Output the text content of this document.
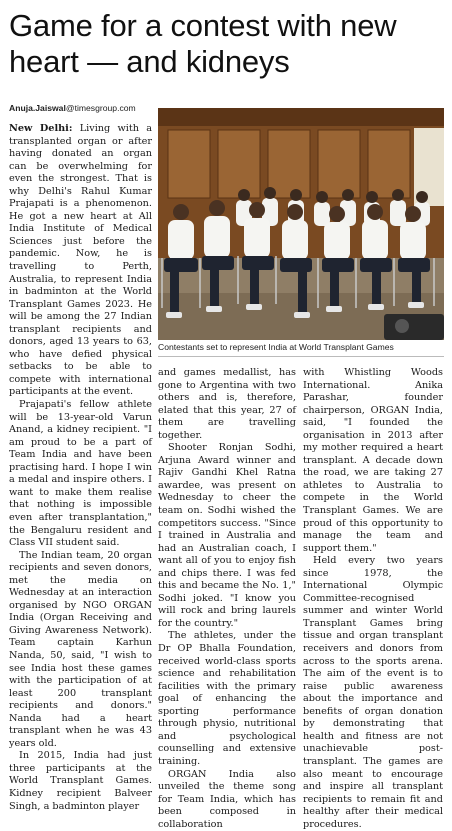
Game for a contest with new heart — and kidneys
Anuja.Jaiswal@timesgroup.com

New Delhi: Living with a transplanted organ or after having donated an organ can be overwhelming for even the strongest. That is why Delhi's Rahul Kumar Prajapati is a phenomenon. He got a new heart at All India Institute of Medical Sciences just before the pandemic. Now, he is travelling to Perth, Australia, to represent India in badminton at the World Transplant Games 2023. He will be among the 27 Indian transplant recipients and donors, aged 13 years to 63, who have defied physical setbacks to be able to compete with international participants at the event.

Prajapati's fellow athlete will be 13-year-old Varun Anand, a kidney recipient. "I am proud to be a part of Team India and have been practising hard. I hope I win a medal and inspire others. I want to make them realise that nothing is impossible even after transplantation," the Bengaluru resident and Class VII student said.

The Indian team, 20 organ recipients and seven donors, met the media on Wednesday at an interaction organised by NGO ORGAN India (Organ Receiving and Giving Awareness Network). Team captain Karhun Nanda, 50, said, "I wish to see India host these games with the participation of at least 200 transplant recipients and donors." Nanda had a heart transplant when he was 43 years old.

In 2015, India had just three participants at the World Transplant Games. Kidney recipient Balveer Singh, a badminton player

Contestants set to represent India at World Transplant Games

and games medallist, has gone to Argentina with two others and is, therefore, elated that this year, 27 of them are travelling together.

Shooter Ronjan Sodhi, Arjuna Award winner and Rajiv Gandhi Khel Ratna awardee, was present on Wednesday to cheer the team on. Sodhi wished the competitors success. "Since I trained in Australia and had an Australian coach, I want all of you to enjoy fish and chips there. I was fed this and became the No. 1," Sodhi joked. "I know you will rock and bring laurels for the country."

The athletes, under the Dr OP Bhalla Foundation, received world-class sports science and rehabilitation facilities with the primary goal of enhancing the sporting performance through physio, nutritional and psychological counselling and extensive training.

ORGAN India also unveiled the theme song for Team India, which has been composed in collaboration

with Whistling Woods International. Anika Parashar, founder chairperson, ORGAN India, said, "I founded the organisation in 2013 after my mother required a heart transplant. A decade down the road, we are taking 27 athletes to Australia to compete in the World Transplant Games. We are proud of this opportunity to manage the team and support them."

Held every two years since 1978, the International Olympic Committee-recognised summer and winter World Transplant Games bring tissue and organ transplant receivers and donors from across to the sports arena. The aim of the event is to raise public awareness about the importance and benefits of organ donation by demonstrating that health and fitness are not unachievable post-transplant. The games are also meant to encourage and inspire all transplant recipients to remain fit and healthy after their medical procedures.
